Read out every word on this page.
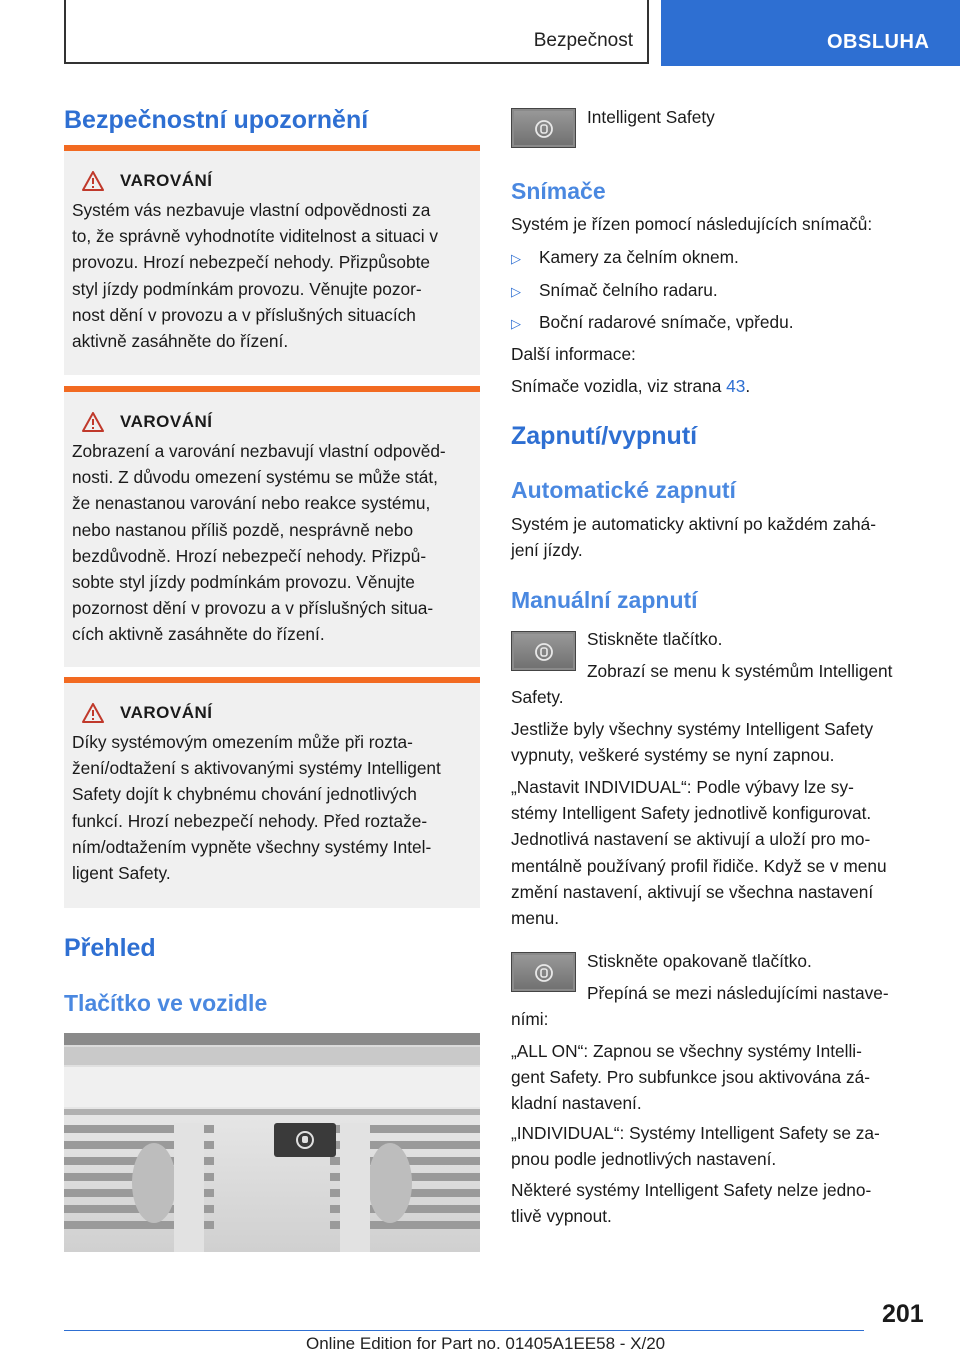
Bezpečnost	OBSLUHA
Bezpečnostní upozornění
VAROVÁNÍ
Systém vás nezbavuje vlastní odpovědnosti za
to, že správně vyhodnotíte viditelnost a situaci v
provozu. Hrozí nebezpečí nehody. Přizpůsobte
styl jízdy podmínkám provozu. Věnujte pozor-
nost dění v provozu a v příslušných situacích
aktivně zasáhněte do řízení.
VAROVÁNÍ
Zobrazení a varování nezbavují vlastní odpověd-
nosti. Z důvodu omezení systému se může stát,
že nenastanou varování nebo reakce systému,
nebo nastanou příliš pozdě, nesprávně nebo
bezdůvodně. Hrozí nebezpečí nehody. Přizpů-
sobte styl jízdy podmínkám provozu. Věnujte
pozornost dění v provozu a v příslušných situa-
cích aktivně zasáhněte do řízení.
VAROVÁNÍ
Díky systémovým omezením může při rozta-
žení/odtažení s aktivovanými systémy Intelligent
Safety dojít k chybnému chování jednotlivých
funkcí. Hrozí nebezpečí nehody. Před roztaže-
ním/odtažením vypněte všechny systémy Intel-
ligent Safety.
Přehled
Tlačítko ve vozidle
Intelligent Safety
Snímače
Systém je řízen pomocí následujících snímačů:
▷ Kamery za čelním oknem.
▷ Snímač čelního radaru.
▷ Boční radarové snímače, vpředu.
Další informace:
Snímače vozidla, viz strana 43.
Zapnutí/vypnutí
Automatické zapnutí
Systém je automaticky aktivní po každém zahá-
jení jízdy.
Manuální zapnutí
Stiskněte tlačítko.
Zobrazí se menu k systémům Intelligent
Safety.
Jestliže byly všechny systémy Intelligent Safety
vypnuty, veškeré systémy se nyní zapnou.
„Nastavit INDIVIDUAL“: Podle výbavy lze sy-
stémy Intelligent Safety jednotlivě konfigurovat.
Jednotlivá nastavení se aktivují a uloží pro mo-
mentálně používaný profil řidiče. Když se v menu
změní nastavení, aktivují se všechna nastavení
menu.
Stiskněte opakovaně tlačítko.
Přepíná se mezi následujícími nastave-
ními:
„ALL ON“: Zapnou se všechny systémy Intelli-
gent Safety. Pro subfunkce jsou aktivována zá-
kladní nastavení.
„INDIVIDUAL“: Systémy Intelligent Safety se za-
pnou podle jednotlivých nastavení.
Některé systémy Intelligent Safety nelze jedno-
tlivě vypnout.
201
Online Edition for Part no. 01405A1EE58 - X/20
